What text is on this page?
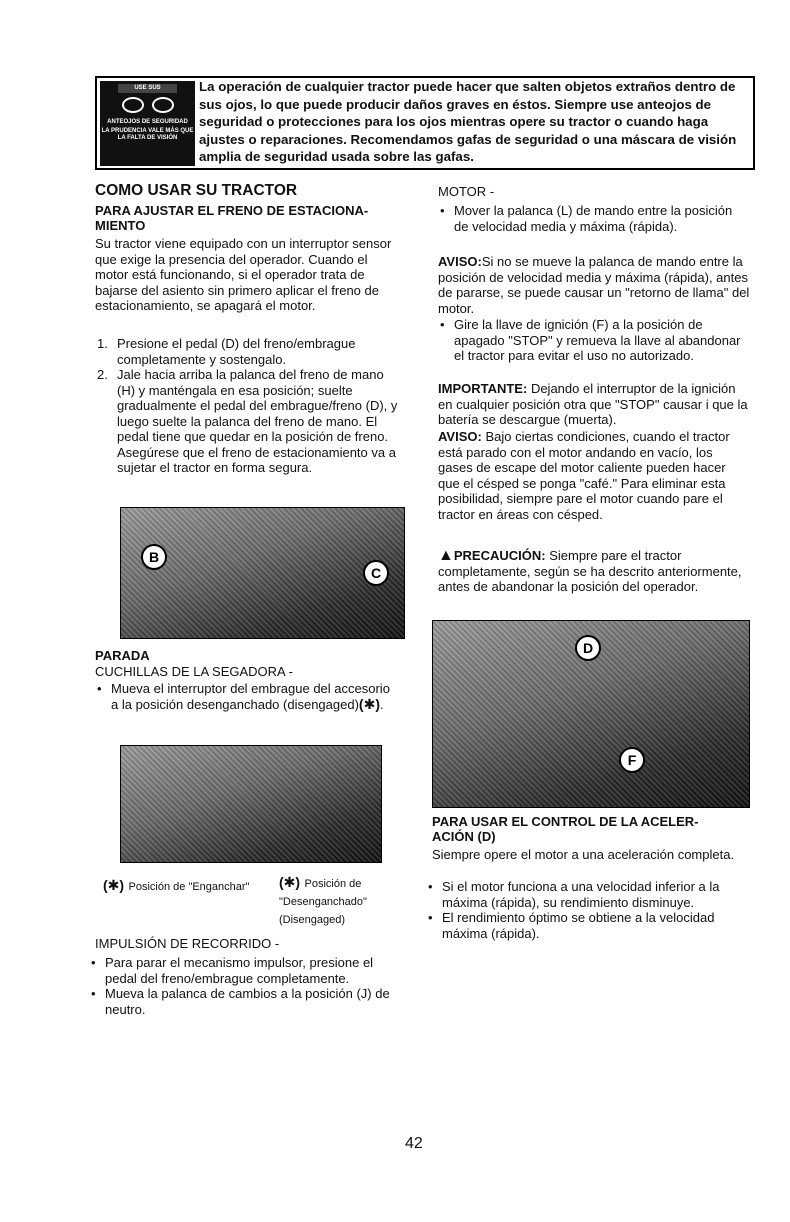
USE SUS
ANTEOJOS DE SEGURIDAD
LA PRUDENCIA VALE MÁS QUE LA FALTA DE VISIÓN
La operación de cualquier tractor puede hacer que salten objetos extraños dentro de sus ojos, lo que puede producir daños graves en éstos. Siempre use anteojos de seguridad o protecciones para los ojos mientras opere su tractor o cuando haga ajustes o reparaciones. Recomendamos gafas de seguridad o una máscara de visión amplia de seguridad usada sobre las gafas.
COMO USAR SU TRACTOR
PARA AJUSTAR EL FRENO DE ESTACIONA- MIENTO
Su tractor viene equipado con un interruptor sensor que exige la presencia del operador. Cuando el motor está funcionando, si el operador trata de bajarse del asiento sin primero aplicar el freno de estacionamiento, se apagará el motor.
1. Presione el pedal (D) del freno/embrague completamente y sostengalo.
2. Jale hacia arriba la palanca del freno de mano (H) y manténgala en esa posición; suelte gradualmente el pedal del embrague/freno (D), y luego suelte la palanca del freno de mano. El pedal tiene que quedar en la posición de freno. Asegúrese que el freno de estacionamiento va a sujetar el tractor en forma segura.
B
C
PARADA
CUCHILLAS DE LA SEGADORA -
• Mueva el interruptor del embrague del accesorio a la posición desenganchado (disengaged)(✱).
(✱) Posición de "Enganchar" (✱) Posición de "Desenganchado" (Disengaged)
IMPULSIÓN DE RECORRIDO -
• Para parar el mecanismo impulsor, presione el pedal del freno/embrague completamente.
• Mueva la palanca de cambios a la posición (J) de neutro.
MOTOR -
• Mover la palanca (L) de mando entre la posición de velocidad media y máxima (rápida).
AVISO:Si no se mueve la palanca de mando entre la posición de velocidad media y máxima (rápida), antes de pararse, se puede causar un "retorno de llama" del motor.
• Gire la llave de ignición (F) a la posición de apagado "STOP" y remueva la llave al abandonar el tractor para evitar el uso no autorizado.
IMPORTANTE: Dejando el interruptor de la ignición en cualquier posición otra que "STOP" causar i que la batería se descargue (muerta).
AVISO: Bajo ciertas condiciones, cuando el tractor está parado con el motor andando en vacío, los gases de escape del motor caliente pueden hacer que el césped se ponga "café." Para eliminar esta posibilidad, siempre pare el motor cuando pare el tractor en áreas con césped.
▲PRECAUCIÓN: Siempre pare el tractor completamente, según se ha descrito anteriormente, antes de abandonar la posición del operador.
D
F
PARA USAR EL CONTROL DE LA ACELER- ACIÓN (D)
Siempre opere el motor a una aceleración completa.
• Si el motor funciona a una velocidad inferior a la máxima (rápida), su rendimiento disminuye.
• El rendimiento óptimo se obtiene a la velocidad máxima (rápida).
42
